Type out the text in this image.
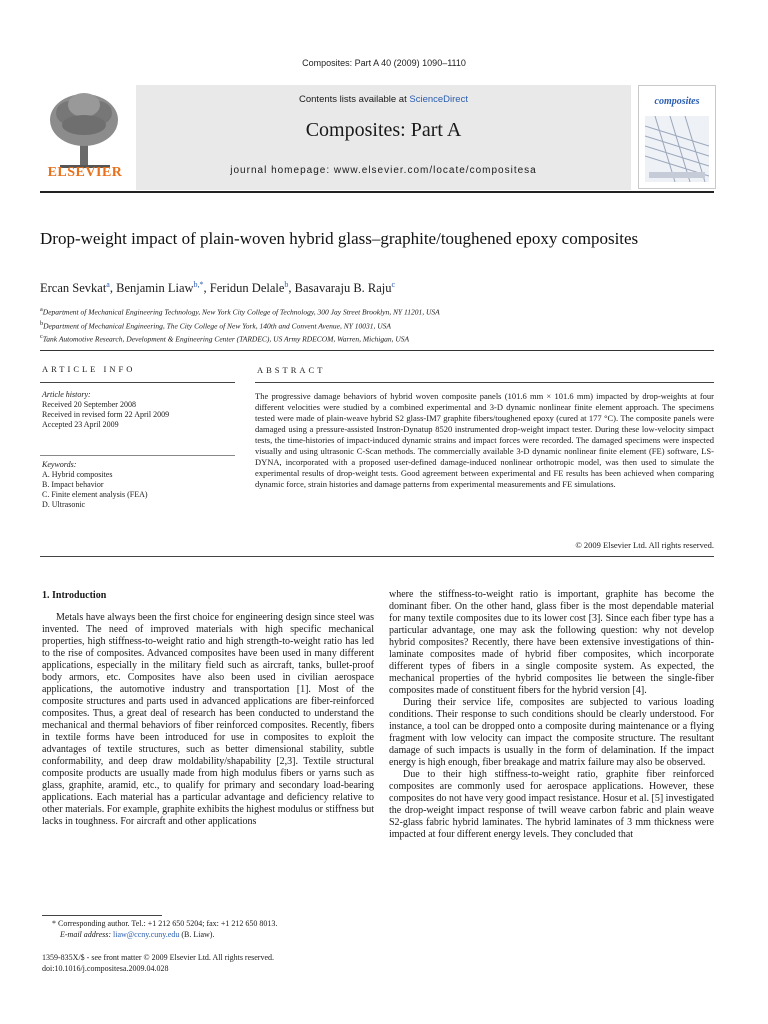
Composites: Part A 40 (2009) 1090–1110
ELSEVIER
Contents lists available at ScienceDirect
Composites: Part A
journal homepage: www.elsevier.com/locate/compositesa
composites
Drop-weight impact of plain-woven hybrid glass–graphite/toughened epoxy composites
Ercan Sevkat$^a$, Benjamin Liaw$^{b,*}$, Feridun Delale$^b$, Basavaraju B. Raju$^c$
$^a$Department of Mechanical Engineering Technology, New York City College of Technology, 300 Jay Street Brooklyn, NY 11201, USA
$^b$Department of Mechanical Engineering, The City College of New York, 140th and Convent Avenue, NY 10031, USA
$^c$Tank Automotive Research, Development & Engineering Center (TARDEC), US Army RDECOM, Warren, Michigan, USA
ARTICLE INFO	ABSTRACT
Article history:
Received 20 September 2008
Received in revised form 22 April 2009
Accepted 23 April 2009
Keywords:
A. Hybrid composites
B. Impact behavior
C. Finite element analysis (FEA)
D. Ultrasonic
The progressive damage behaviors of hybrid woven composite panels (101.6 mm × 101.6 mm) impacted by drop-weights at four different velocities were studied by a combined experimental and 3-D dynamic nonlinear finite element approach. The specimens tested were made of plain-weave hybrid S2 glass-IM7 graphite fibers/toughened epoxy (cured at 177 °C). The composite panels were damaged using a pressure-assisted Instron-Dynatup 8520 instrumented drop-weight impact tester. During these low-velocity simpact tests, the time-histories of impact-induced dynamic strains and impact forces were recorded. The damaged specimens were inspected visually and using ultrasonic C-Scan methods. The commercially available 3-D dynamic nonlinear finite element (FE) software, LS-DYNA, incorporated with a proposed user-defined damage-induced nonlinear orthotropic model, was then used to simulate the experimental results of drop-weight tests. Good agreement between experimental and FE results has been achieved when comparing dynamic force, strain histories and damage patterns from experimental measurements and FE simulations.
© 2009 Elsevier Ltd. All rights reserved.
1. Introduction

Metals have always been the first choice for engineering design since steel was invented. The need of improved materials with high specific mechanical properties, high stiffness-to-weight ratio and high strength-to-weight ratio has led to the rise of composites. Advanced composites have been used in many different applications, especially in the military field such as aircraft, tanks, bullet-proof body armors, etc. Composites have also been used in civilian aerospace applications, the automotive industry and transportation [1]. Most of the composite structures and parts used in advanced applications are fiber-reinforced composites. Thus, a great deal of research has been conducted to understand the mechanical and thermal behaviors of fiber reinforced composites. Recently, fibers in textile forms have been introduced for use in composites to exploit the advantages of textile structures, such as better dimensional stability, subtle conformability, and deep draw moldability/shapability [2,3]. Textile structural composite products are usually made from high modulus fibers or yarns such as glass, graphite, aramid, etc., to qualify for primary and secondary load-bearing applications. Each material has a particular advantage and deficiency relative to other materials. For example, graphite exhibits the highest modulus or stiffness but lacks in toughness. For aircraft and other applications

where the stiffness-to-weight ratio is important, graphite has become the dominant fiber. On the other hand, glass fiber is the most dependable material for many textile composites due to its lower cost [3]. Since each fiber type has a particular advantage, one may ask the following question: why not develop hybrid composites? Recently, there have been extensive investigations of thin-laminate composites made of hybrid fiber composites, which incorporate different types of fibers in a single composite system. As expected, the mechanical properties of the hybrid composites lie between the single-fiber composites made of constituent fibers for the hybrid version [4].

During their service life, composites are subjected to various loading conditions. Their response to such conditions should be clearly understood. For instance, a tool can be dropped onto a composite during maintenance or a flying fragment with low velocity can impact the composite structure. The resultant damage of such impacts is usually in the form of delamination. If the impact energy is high enough, fiber breakage and matrix failure may also be observed.

Due to their high stiffness-to-weight ratio, graphite fiber reinforced composites are commonly used for aerospace applications. However, these composites do not have very good impact resistance. Hosur et al. [5] investigated the drop-weight impact response of twill weave carbon fabric and plain weave S2-glass fabric hybrid laminates. The hybrid laminates of 3 mm thickness were impacted at four different energy levels. They concluded that

* Corresponding author. Tel.: +1 212 650 5204; fax: +1 212 650 8013.
E-mail address: liaw@ccny.cuny.edu (B. Liaw).
1359-835X/$ - see front matter © 2009 Elsevier Ltd. All rights reserved.
doi:10.1016/j.compositesa.2009.04.028
